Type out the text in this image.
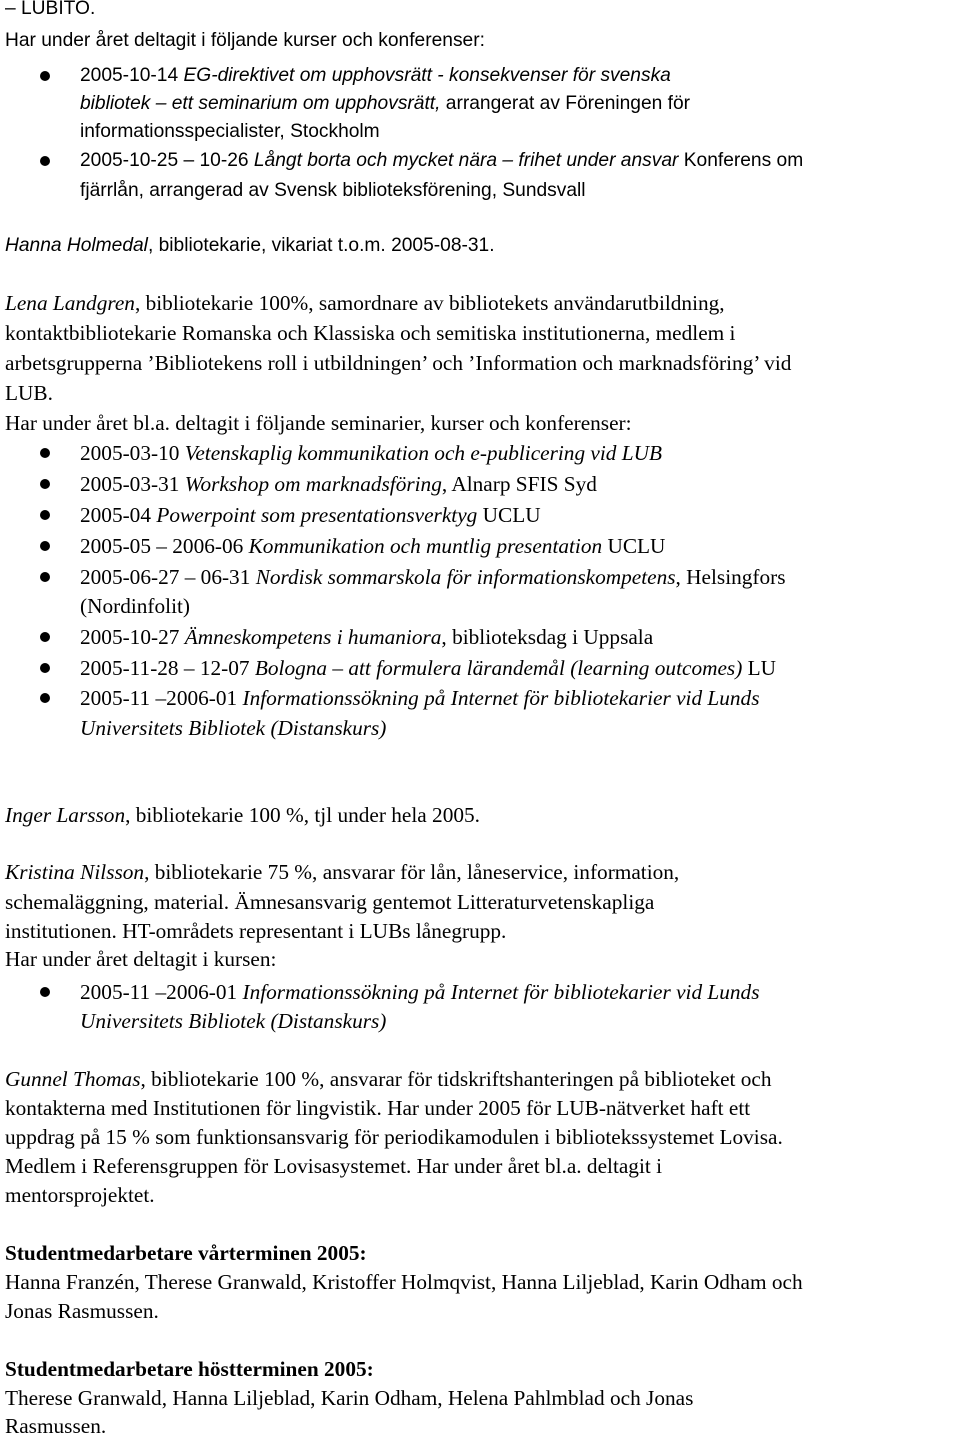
– LUBITO.
Har under året deltagit i följande kurser och konferenser:
2005-10-14 EG-direktivet om upphovsrätt - konsekvenser för svenska
bibliotek – ett seminarium om upphovsrätt, arrangerat av Föreningen för
informationsspecialister, Stockholm
2005-10-25 – 10-26 Långt borta och mycket nära – frihet under ansvar Konferens om
fjärrlån, arrangerad av Svensk biblioteksförening, Sundsvall
Hanna Holmedal, bibliotekarie, vikariat t.o.m. 2005-08-31.
Lena Landgren, bibliotekarie 100%, samordnare av bibliotekets användarutbildning,
kontaktbibliotekarie Romanska och Klassiska och semitiska institutionerna, medlem i
arbetsgrupperna ’Bibliotekens roll i utbildningen’ och ’Information och marknadsföring’ vid
LUB.
Har under året bl.a. deltagit i följande seminarier, kurser och konferenser:
2005-03-10 Vetenskaplig kommunikation och e-publicering vid LUB
2005-03-31 Workshop om marknadsföring, Alnarp SFIS Syd
2005-04 Powerpoint som presentationsverktyg UCLU
2005-05 – 2006-06 Kommunikation och muntlig presentation UCLU
2005-06-27 – 06-31 Nordisk sommarskola för informationskompetens, Helsingfors
(Nordinfolit)
2005-10-27 Ämneskompetens i humaniora, biblioteksdag i Uppsala
2005-11-28 – 12-07 Bologna – att formulera lärandemål (learning outcomes) LU
2005-11 –2006-01 Informationssökning på Internet för bibliotekarier vid Lunds
Universitets Bibliotek (Distanskurs)
Inger Larsson, bibliotekarie 100 %, tjl under hela 2005.
Kristina Nilsson, bibliotekarie 75 %, ansvarar för lån, låneservice, information,
schemaläggning, material. Ämnesansvarig gentemot Litteraturvetenskapliga
institutionen. HT-områdets representant i LUBs lånegrupp.
Har under året deltagit i kursen:
2005-11 –2006-01 Informationssökning på Internet för bibliotekarier vid Lunds
Universitets Bibliotek (Distanskurs)
Gunnel Thomas, bibliotekarie 100 %, ansvarar för tidskriftshanteringen på biblioteket och
kontakterna med Institutionen för lingvistik. Har under 2005 för LUB-nätverket haft ett
uppdrag på 15 % som funktionsansvarig för periodikamodulen i bibliotekssystemet Lovisa.
Medlem i Referensgruppen för Lovisasystemet. Har under året bl.a. deltagit i
mentorsprojektet.
Studentmedarbetare vårterminen 2005:
Hanna Franzén, Therese Granwald, Kristoffer Holmqvist, Hanna Liljeblad, Karin Odham och
Jonas Rasmussen.
Studentmedarbetare höstterminen 2005:
Therese Granwald, Hanna Liljeblad, Karin Odham, Helena Pahlmblad och Jonas
Rasmussen.
